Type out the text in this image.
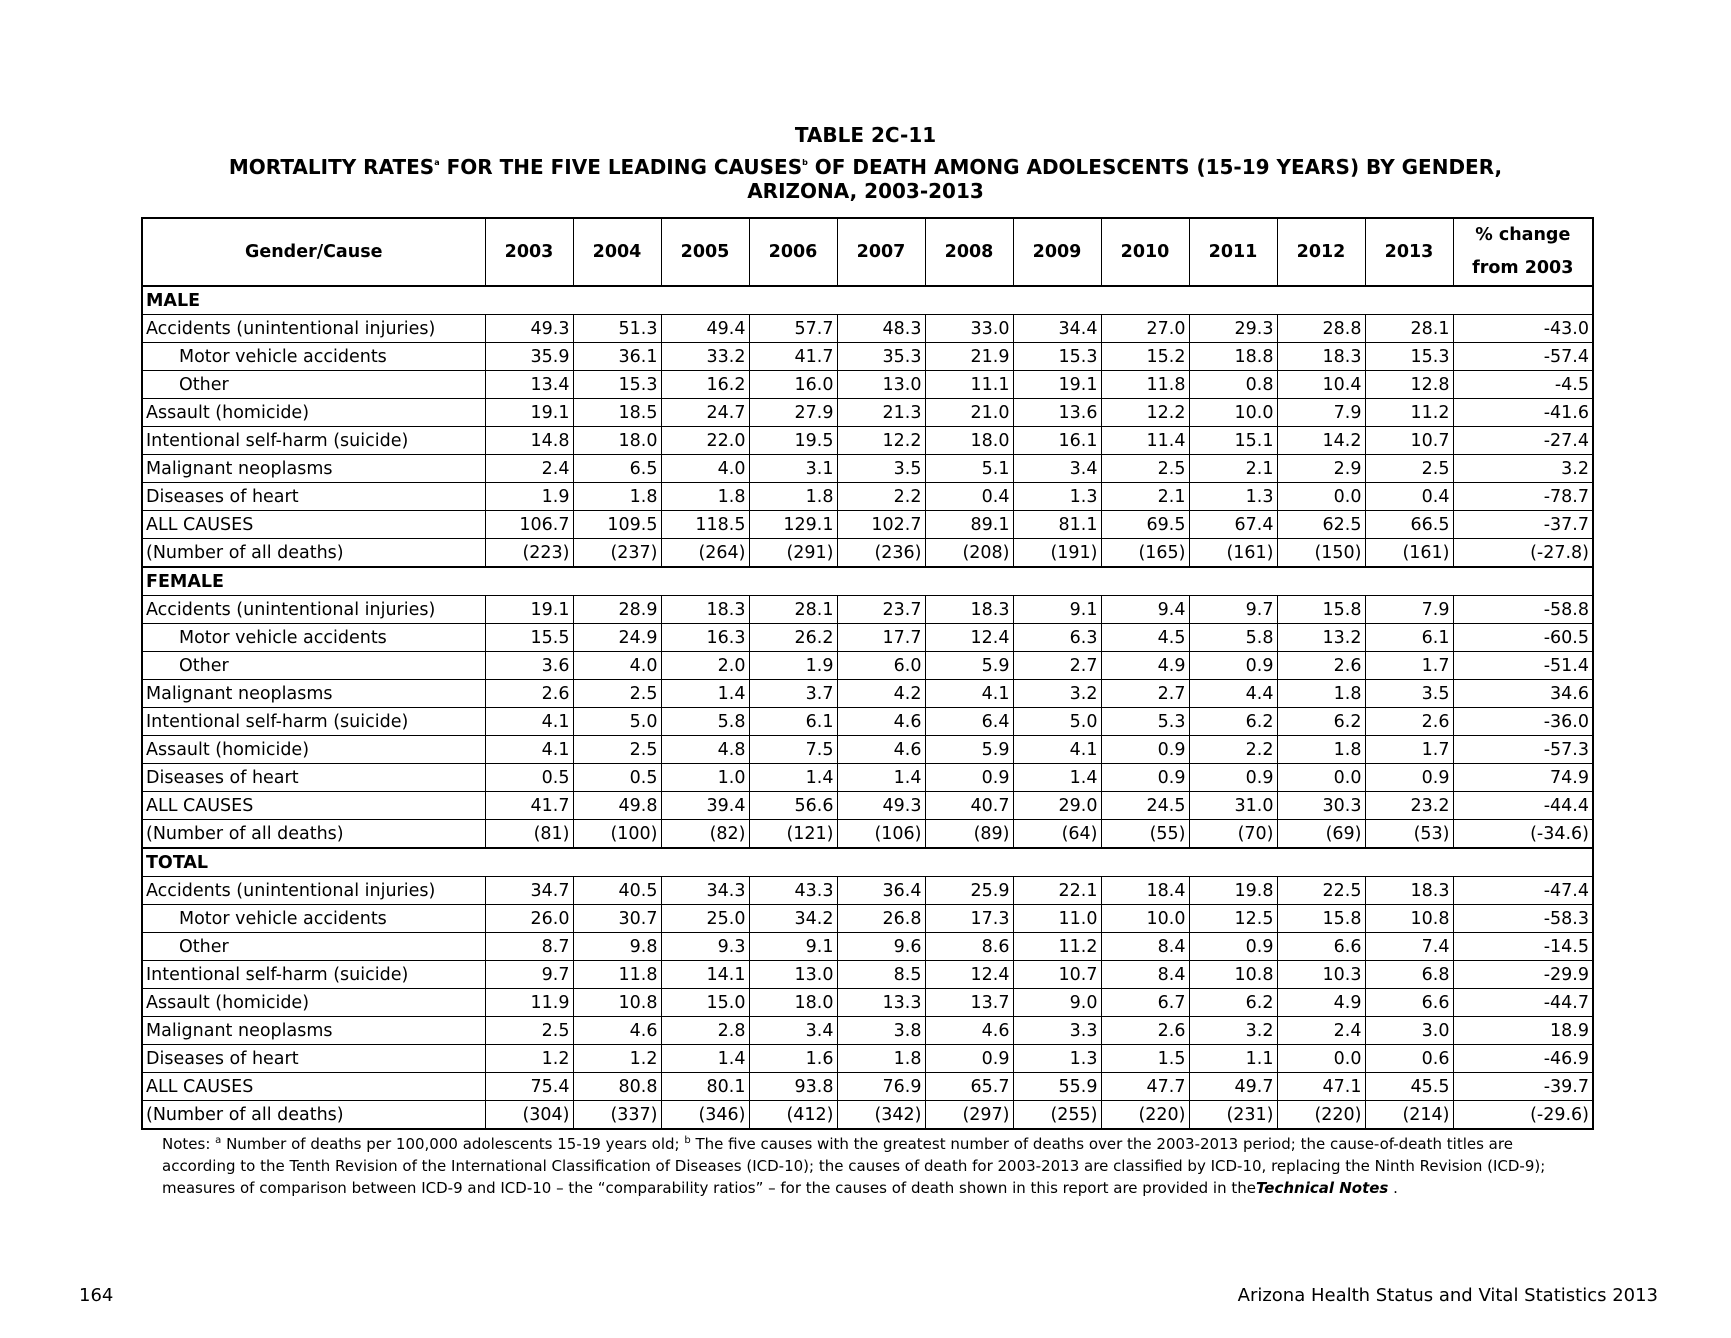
TABLE 2C-11
MORTALITY RATES$^a$ FOR THE FIVE LEADING CAUSES$^b$ OF DEATH AMONG ADOLESCENTS (15-19 YEARS) BY GENDER,
ARIZONA, 2003-2013
Gender/Cause	2003	2004	2005	2006	2007	2008	2009	2010	2011	2012	2013	% change
from 2003

MALE												
Accidents (unintentional injuries)	49.3	51.3	49.4	57.7	48.3	33.0	34.4	27.0	29.3	28.8	28.1	-43.0
Motor vehicle accidents	35.9	36.1	33.2	41.7	35.3	21.9	15.3	15.2	18.8	18.3	15.3	-57.4
Other	13.4	15.3	16.2	16.0	13.0	11.1	19.1	11.8	0.8	10.4	12.8	-4.5
Assault (homicide)	19.1	18.5	24.7	27.9	21.3	21.0	13.6	12.2	10.0	7.9	11.2	-41.6
Intentional self-harm (suicide)	14.8	18.0	22.0	19.5	12.2	18.0	16.1	11.4	15.1	14.2	10.7	-27.4
Malignant neoplasms	2.4	6.5	4.0	3.1	3.5	5.1	3.4	2.5	2.1	2.9	2.5	3.2
Diseases of heart	1.9	1.8	1.8	1.8	2.2	0.4	1.3	2.1	1.3	0.0	0.4	-78.7
ALL CAUSES	106.7	109.5	118.5	129.1	102.7	89.1	81.1	69.5	67.4	62.5	66.5	-37.7
(Number of all deaths)	(223)	(237)	(264)	(291)	(236)	(208)	(191)	(165)	(161)	(150)	(161)	(-27.8)
FEMALE												
Accidents (unintentional injuries)	19.1	28.9	18.3	28.1	23.7	18.3	9.1	9.4	9.7	15.8	7.9	-58.8
Motor vehicle accidents	15.5	24.9	16.3	26.2	17.7	12.4	6.3	4.5	5.8	13.2	6.1	-60.5
Other	3.6	4.0	2.0	1.9	6.0	5.9	2.7	4.9	0.9	2.6	1.7	-51.4
Malignant neoplasms	2.6	2.5	1.4	3.7	4.2	4.1	3.2	2.7	4.4	1.8	3.5	34.6
Intentional self-harm (suicide)	4.1	5.0	5.8	6.1	4.6	6.4	5.0	5.3	6.2	6.2	2.6	-36.0
Assault (homicide)	4.1	2.5	4.8	7.5	4.6	5.9	4.1	0.9	2.2	1.8	1.7	-57.3
Diseases of heart	0.5	0.5	1.0	1.4	1.4	0.9	1.4	0.9	0.9	0.0	0.9	74.9
ALL CAUSES	41.7	49.8	39.4	56.6	49.3	40.7	29.0	24.5	31.0	30.3	23.2	-44.4
(Number of all deaths)	(81)	(100)	(82)	(121)	(106)	(89)	(64)	(55)	(70)	(69)	(53)	(-34.6)
TOTAL												
Accidents (unintentional injuries)	34.7	40.5	34.3	43.3	36.4	25.9	22.1	18.4	19.8	22.5	18.3	-47.4
Motor vehicle accidents	26.0	30.7	25.0	34.2	26.8	17.3	11.0	10.0	12.5	15.8	10.8	-58.3
Other	8.7	9.8	9.3	9.1	9.6	8.6	11.2	8.4	0.9	6.6	7.4	-14.5
Intentional self-harm (suicide)	9.7	11.8	14.1	13.0	8.5	12.4	10.7	8.4	10.8	10.3	6.8	-29.9
Assault (homicide)	11.9	10.8	15.0	18.0	13.3	13.7	9.0	6.7	6.2	4.9	6.6	-44.7
Malignant neoplasms	2.5	4.6	2.8	3.4	3.8	4.6	3.3	2.6	3.2	2.4	3.0	18.9
Diseases of heart	1.2	1.2	1.4	1.6	1.8	0.9	1.3	1.5	1.1	0.0	0.6	-46.9
ALL CAUSES	75.4	80.8	80.1	93.8	76.9	65.7	55.9	47.7	49.7	47.1	45.5	-39.7
(Number of all deaths)	(304)	(337)	(346)	(412)	(342)	(297)	(255)	(220)	(231)	(220)	(214)	(-29.6)
Notes: $^a$ Number of deaths per 100,000 adolescents 15-19 years old; $^b$ The five causes with the greatest number of deaths over the 2003-2013 period; the cause-of-death titles are according to the Tenth Revision of the International Classification of Diseases (ICD-10); the causes of death for 2003-2013 are classified by ICD-10, replacing the Ninth Revision (ICD-9); measures of comparison between ICD-9 and ICD-10 – the “comparability ratios” – for the causes of death shown in this report are provided in theTechnical Notes .
164	Arizona Health Status and Vital Statistics 2013
